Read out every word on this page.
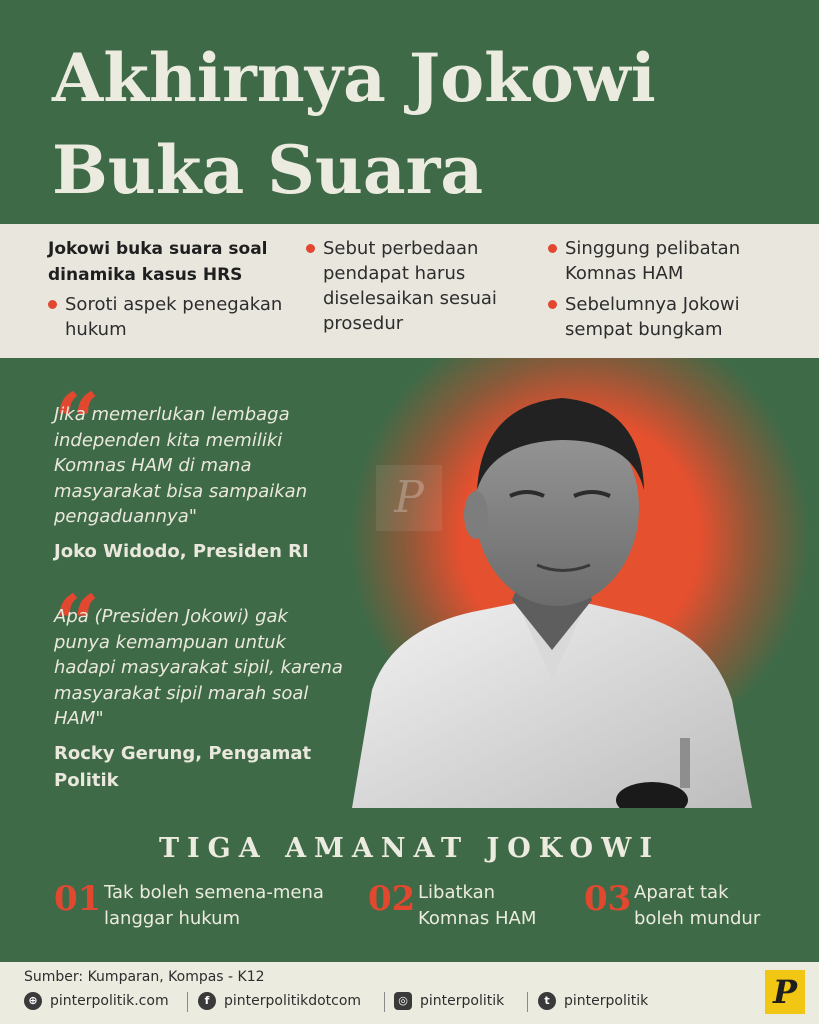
Akhirnya Jokowi
Buka Suara
Jokowi buka suara soal dinamika kasus HRS
Soroti aspek penegakan hukum
Sebut perbedaan pendapat harus diselesaikan sesuai prosedur
Singgung pelibatan Komnas HAM
Sebelumnya Jokowi sempat bungkam
P
“
Jika memerlukan lembaga independen kita memiliki Komnas HAM di mana masyarakat bisa sampaikan pengaduannya"
Joko Widodo, Presiden RI
“
Apa (Presiden Jokowi) gak punya kemampuan untuk hadapi masyarakat sipil, karena masyarakat sipil marah soal HAM"
Rocky Gerung, Pengamat Politik
TIGA AMANAT JOKOWI
01 Tak boleh semena-mena langgar hukum	02 Libatkan Komnas HAM	03 Aparat tak boleh mundur
Sumber: Kumparan, Kompas - K12
⊕ pinterpolitik.com	f	pinterpolitikdotcom	◎ pinterpolitik	t	pinterpolitik	P
